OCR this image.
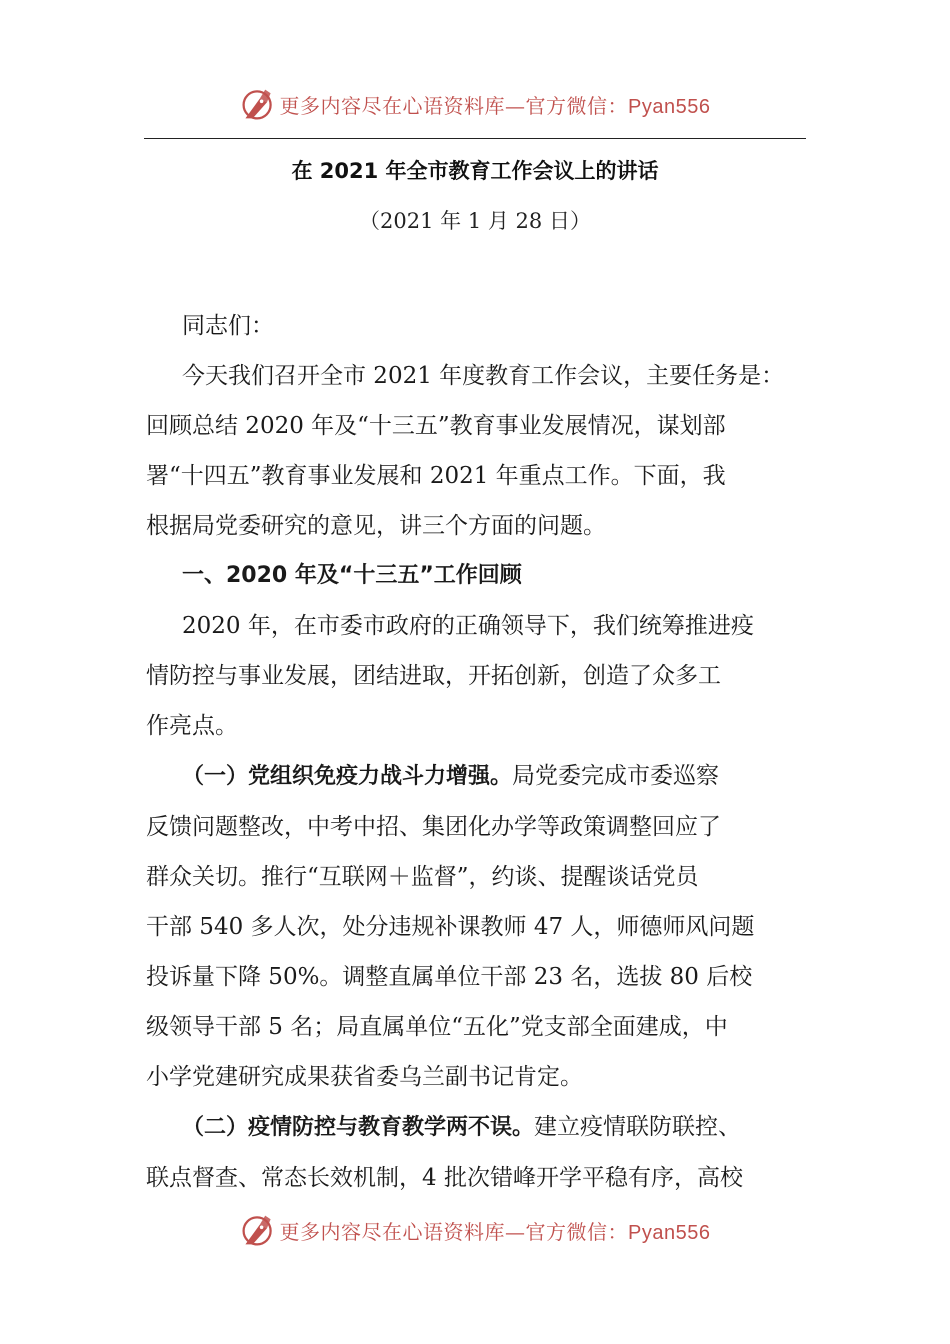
更多内容尽在心语资料库—官方微信：Pyan556
在 2021 年全市教育工作会议上的讲话

（2021 年 1 月 28 日）

同志们：

今天我们召开全市 2021 年度教育工作会议，主要任务是：
回顾总结 2020 年及“十三五”教育事业发展情况，谋划部
署“十四五”教育事业发展和 2021 年重点工作。下面，我
根据局党委研究的意见，讲三个方面的问题。

一、2020 年及“十三五”工作回顾

2020 年，在市委市政府的正确领导下，我们统筹推进疫
情防控与事业发展，团结进取，开拓创新，创造了众多工
作亮点。

（一）党组织免疫力战斗力增强。局党委完成市委巡察
反馈问题整改，中考中招、集团化办学等政策调整回应了
群众关切。推行“互联网＋监督”，约谈、提醒谈话党员
干部 540 多人次，处分违规补课教师 47 人，师德师风问题
投诉量下降 50%。调整直属单位干部 23 名，选拔 80 后校
级领导干部 5 名；局直属单位“五化”党支部全面建成，中
小学党建研究成果获省委乌兰副书记肯定。

（二）疫情防控与教育教学两不误。建立疫情联防联控、
联点督查、常态长效机制，4 批次错峰开学平稳有序，高校

更多内容尽在心语资料库—官方微信：Pyan556
